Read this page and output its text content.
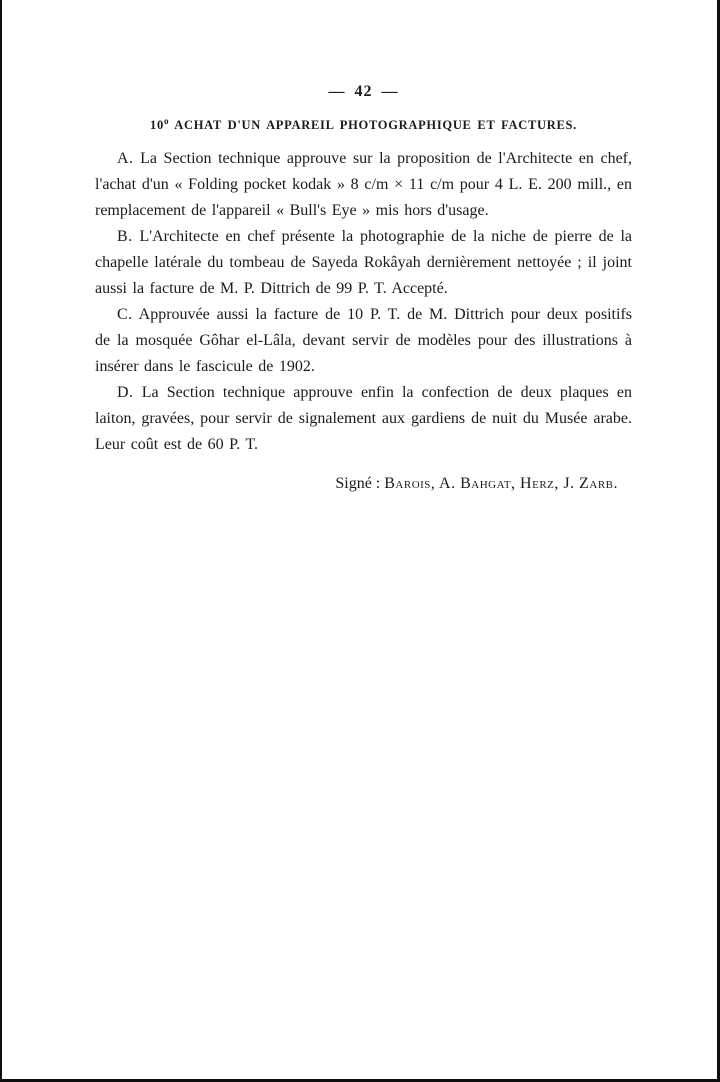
— 42 —
10$^o$ ACHAT D'UN APPAREIL PHOTOGRAPHIQUE ET FACTURES.

A. La Section technique approuve sur la proposition de l'Architecte en chef, l'achat d'un « Folding pocket kodak » 8 c/m × 11 c/m pour 4 L. E. 200 mill., en remplacement de l'appareil « Bull's Eye » mis hors d'usage.

B. L'Architecte en chef présente la photographie de la niche de pierre de la chapelle latérale du tombeau de Sayeda Rokâyah dernièrement nettoyée ; il joint aussi la facture de M. P. Dittrich de 99 P. T. Accepté.

C. Approuvée aussi la facture de 10 P. T. de M. Dittrich pour deux positifs de la mosquée Gôhar el-Lâla, devant servir de modèles pour des illustrations à insérer dans le fascicule de 1902.

D. La Section technique approuve enfin la confection de deux plaques en laiton, gravées, pour servir de signalement aux gardiens de nuit du Musée arabe. Leur coût est de 60 P. T.

Signé : Barois, A. Bahgat, Herz, J. Zarb.
